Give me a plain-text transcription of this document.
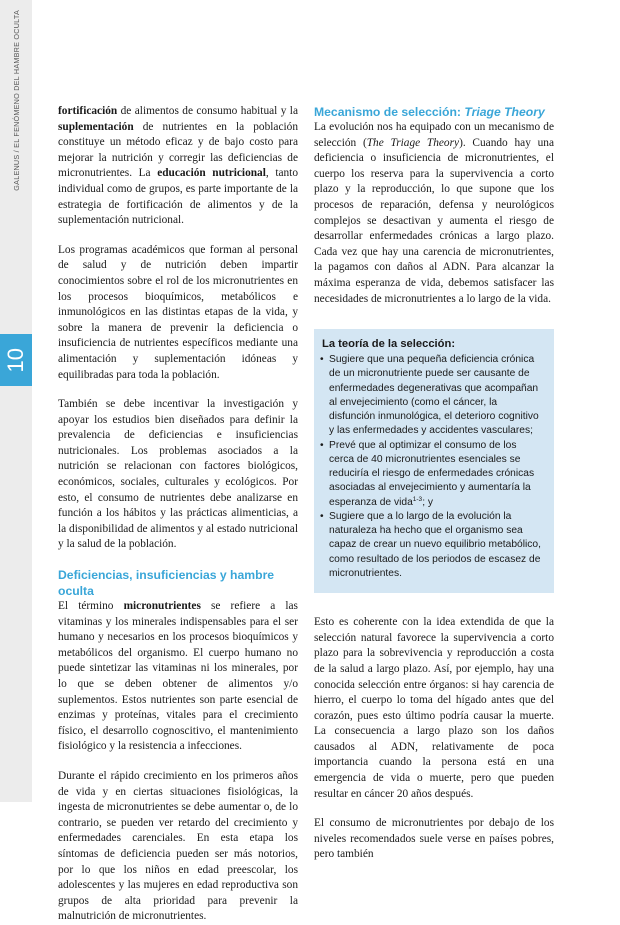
GALENUS / EL FENÓMENO DEL HAMBRE OCULTA
10

fortificación de alimentos de consumo habitual y la suplementación de nutrientes en la población constituye un método eficaz y de bajo costo para mejorar la nutrición y corregir las deficiencias de micronutrientes. La educación nutricional, tanto individual como de grupos, es parte importante de la estrategia de fortificación de alimentos y de la suplementación nutricional.

Los programas académicos que forman al personal de salud y de nutrición deben impartir conocimientos sobre el rol de los micronutrientes en los procesos bioquímicos, metabólicos e inmunológicos en las distintas etapas de la vida, y sobre la manera de prevenir la deficiencia o insuficiencia de nutrientes específicos mediante una alimentación y suplementación idóneas y equilibradas para toda la población.

También se debe incentivar la investigación y apoyar los estudios bien diseñados para definir la prevalencia de deficiencias e insuficiencias nutricionales. Los problemas asociados a la nutrición se relacionan con factores biológicos, económicos, sociales, culturales y ecológicos. Por esto, el consumo de nutrientes debe analizarse en función a los hábitos y las prácticas alimenticias, a la disponibilidad de alimentos y al estado nutricional y la salud de la población.

Deficiencias, insuficiencias y hambre oculta

El término micronutrientes se refiere a las vitaminas y los minerales indispensables para el ser humano y necesarios en los procesos bioquímicos y metabólicos del organismo. El cuerpo humano no puede sintetizar las vitaminas ni los minerales, por lo que se deben obtener de alimentos y/o suplementos. Estos nutrientes son parte esencial de enzimas y proteínas, vitales para el crecimiento físico, el desarrollo cognoscitivo, el mantenimiento fisiológico y la resistencia a infecciones.

Durante el rápido crecimiento en los primeros años de vida y en ciertas situaciones fisiológicas, la ingesta de micronutrientes se debe aumentar o, de lo contrario, se pueden ver retardo del crecimiento y enfermedades carenciales. En esta etapa los síntomas de deficiencia pueden ser más notorios, por lo que los niños en edad preescolar, los adolescentes y las mujeres en edad reproductiva son grupos de alta prioridad para prevenir la malnutrición de micronutrientes.

Mecanismo de selección: Triage Theory

La evolución nos ha equipado con un mecanismo de selección (The Triage Theory). Cuando hay una deficiencia o insuficiencia de micronutrientes, el cuerpo los reserva para la supervivencia a corto plazo y la reproducción, lo que supone que los procesos de reparación, defensa y neurológicos complejos se desactivan y aumenta el riesgo de desarrollar enfermedades crónicas a largo plazo. Cada vez que hay una carencia de micronutrientes, la pagamos con daños al ADN. Para alcanzar la máxima esperanza de vida, debemos satisfacer las necesidades de micronutrientes a lo largo de la vida.

La teoría de la selección:
• Sugiere que una pequeña deficiencia crónica de un micronutriente puede ser causante de enfermedades degenerativas que acompañan al envejecimiento (como el cáncer, la disfunción inmunológica, el deterioro cognitivo y las enfermedades y accidentes vasculares;
• Prevé que al optimizar el consumo de los cerca de 40 micronutrientes esenciales se reduciría el riesgo de enfermedades crónicas asociadas al envejecimiento y aumentaría la esperanza de vida$^{1-3}$; y
• Sugiere que a lo largo de la evolución la naturaleza ha hecho que el organismo sea capaz de crear un nuevo equilibrio metabólico, como resultado de los periodos de escasez de micronutrientes.

Esto es coherente con la idea extendida de que la selección natural favorece la supervivencia a corto plazo para la sobrevivencia y reproducción a costa de la salud a largo plazo. Así, por ejemplo, hay una conocida selección entre órganos: si hay carencia de hierro, el cuerpo lo toma del hígado antes que del corazón, pues esto último podría causar la muerte. La consecuencia a largo plazo son los daños causados al ADN, relativamente de poca importancia cuando la persona está en una emergencia de vida o muerte, pero que pueden resultar en cáncer 20 años después.

El consumo de micronutrientes por debajo de los niveles recomendados suele verse en países pobres, pero también
